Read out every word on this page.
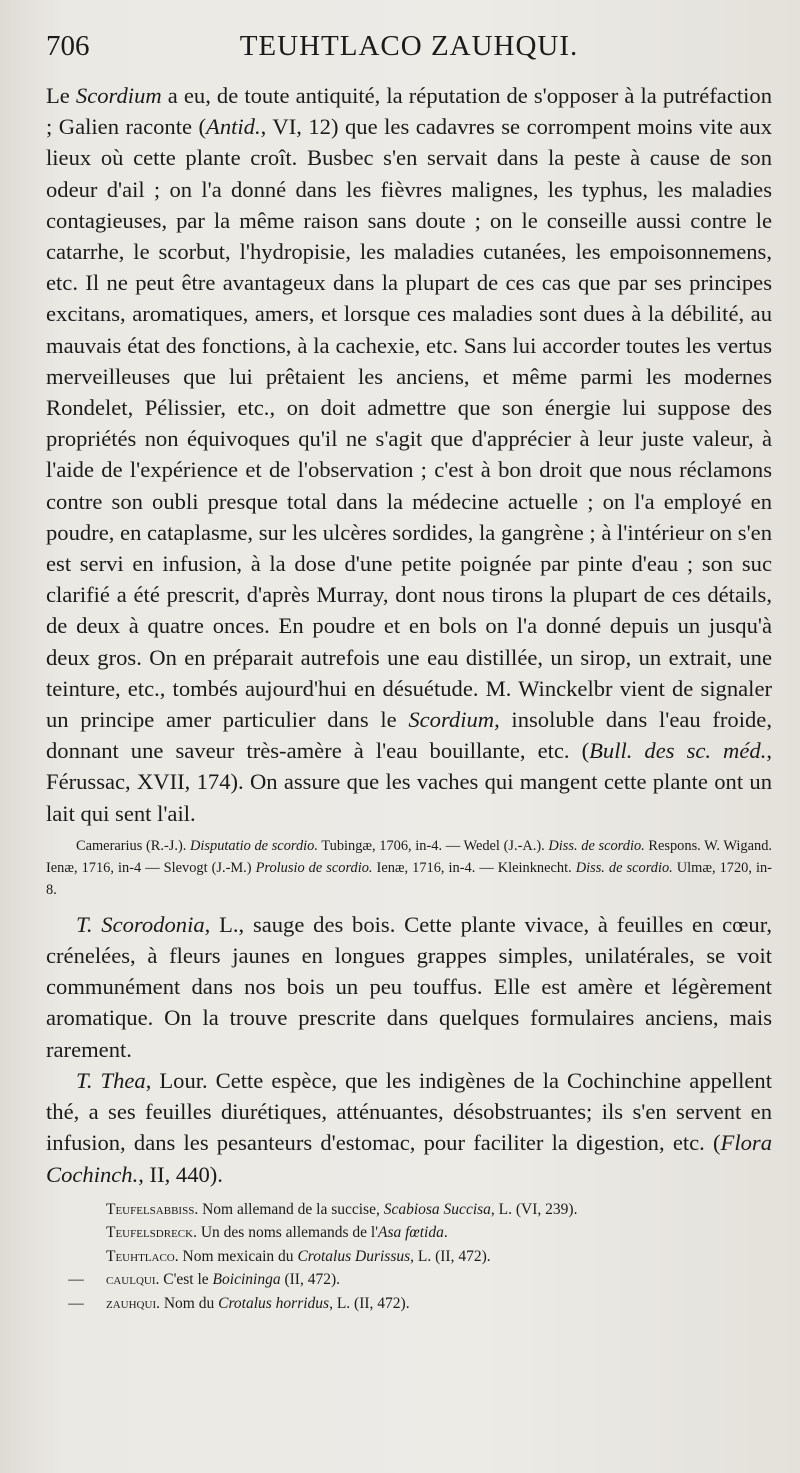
706	TEUHTLACO ZAUHQUI.

Le Scordium a eu, de toute antiquité, la réputation de s'opposer à la putréfaction ; Galien raconte (Antid., VI, 12) que les cadavres se corrompent moins vite aux lieux où cette plante croît. Busbec s'en servait dans la peste à cause de son odeur d'ail ; on l'a donné dans les fièvres malignes, les typhus, les maladies contagieuses, par la même raison sans doute ; on le conseille aussi contre le catarrhe, le scorbut, l'hydropisie, les maladies cutanées, les empoisonnemens, etc. Il ne peut être avantageux dans la plupart de ces cas que par ses principes excitans, aromatiques, amers, et lorsque ces maladies sont dues à la débilité, au mauvais état des fonctions, à la cachexie, etc. Sans lui accorder toutes les vertus merveilleuses que lui prêtaient les anciens, et même parmi les modernes Rondelet, Pélissier, etc., on doit admettre que son énergie lui suppose des propriétés non équivoques qu'il ne s'agit que d'apprécier à leur juste valeur, à l'aide de l'expérience et de l'observation ; c'est à bon droit que nous réclamons contre son oubli presque total dans la médecine actuelle ; on l'a employé en poudre, en cataplasme, sur les ulcères sordides, la gangrène ; à l'intérieur on s'en est servi en infusion, à la dose d'une petite poignée par pinte d'eau ; son suc clarifié a été prescrit, d'après Murray, dont nous tirons la plupart de ces détails, de deux à quatre onces. En poudre et en bols on l'a donné depuis un jusqu'à deux gros. On en préparait autrefois une eau distillée, un sirop, un extrait, une teinture, etc., tombés aujourd'hui en désuétude. M. Winckelbr vient de signaler un principe amer particulier dans le Scordium, insoluble dans l'eau froide, donnant une saveur très-amère à l'eau bouillante, etc. (Bull. des sc. méd., Férussac, XVII, 174). On assure que les vaches qui mangent cette plante ont un lait qui sent l'ail.

Camerarius (R.-J.). Disputatio de scordio. Tubingæ, 1706, in-4. — Wedel (J.-A.). Diss. de scordio. Respons. W. Wigand. Ienæ, 1716, in-4 — Slevogt (J.-M.) Prolusio de scordio. Ienæ, 1716, in-4. — Kleinknecht. Diss. de scordio. Ulmæ, 1720, in-8.

T. Scorodonia, L., sauge des bois. Cette plante vivace, à feuilles en cœur, crénelées, à fleurs jaunes en longues grappes simples, unilatérales, se voit communément dans nos bois un peu touffus. Elle est amère et légèrement aromatique. On la trouve prescrite dans quelques formulaires anciens, mais rarement.

T. Thea, Lour. Cette espèce, que les indigènes de la Cochinchine appellent thé, a ses feuilles diurétiques, atténuantes, désobstruantes; ils s'en servent en infusion, dans les pesanteurs d'estomac, pour faciliter la digestion, etc. (Flora Cochinch., II, 440).

Teufelsabbiss. Nom allemand de la succise, Scabiosa Succisa, L. (VI, 239).
Teufelsdreck. Un des noms allemands de l'Asa fœtida.
Teuhtlaco. Nom mexicain du Crotalus Durissus, L. (II, 472).
—	caulqui. C'est le Boicininga (II, 472).
—	zauhqui. Nom du Crotalus horridus, L. (II, 472).
